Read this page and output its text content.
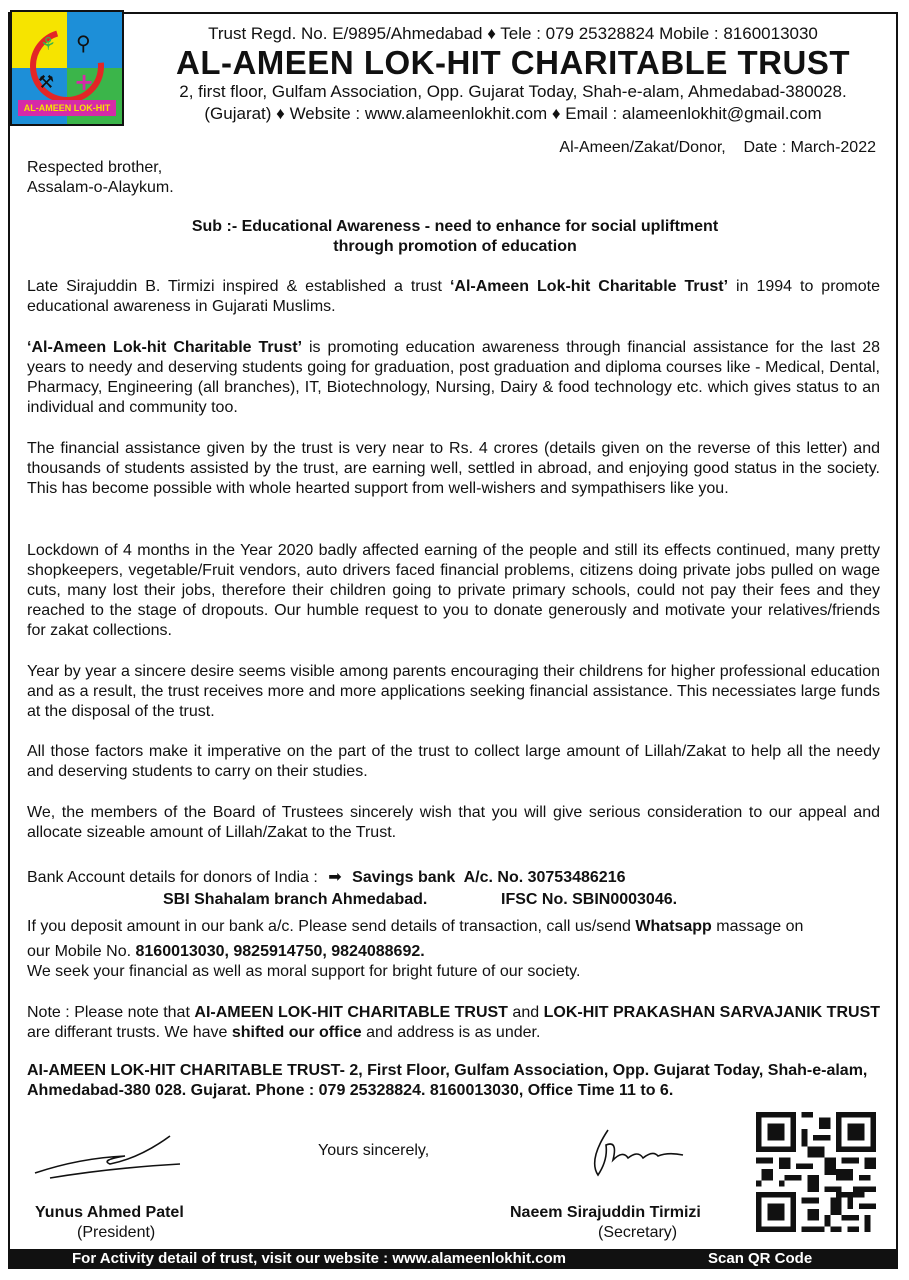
⚘ ⚲
⚒ +
AL-AMEEN LOK-HIT
Trust Regd. No. E/9895/Ahmedabad ♦ Tele : 079 25328824 Mobile : 8160013030
AL-AMEEN LOK-HIT CHARITABLE TRUST
2, first floor, Gulfam Association, Opp. Gujarat Today, Shah-e-alam, Ahmedabad-380028.
(Gujarat) ♦ Website : www.alameenlokhit.com ♦ Email : alameenlokhit@gmail.com
Al-Ameen/Zakat/Donor,    Date : March-2022
Respected brother,
Assalam-o-Alaykum.
Sub :- Educational Awareness - need to enhance for social upliftment
through promotion of education
Late Sirajuddin B. Tirmizi inspired & established a trust ‘Al-Ameen Lok-hit Charitable Trust’ in 1994 to promote educational awareness in Gujarati Muslims.
‘Al-Ameen Lok-hit Charitable Trust’ is promoting education awareness through financial assistance for the last 28 years to needy and deserving students going for graduation, post graduation and diploma courses like - Medical, Dental, Pharmacy, Engineering (all branches), IT, Biotechnology, Nursing, Dairy & food technology etc. which gives status to an individual and community too.
The financial assistance given by the trust is very near to Rs. 4 crores (details given on the reverse of this letter) and thousands of students assisted by the trust, are earning well, settled in abroad, and enjoying good status in the society. This has become possible with whole hearted support from well-wishers and sympathisers like you.
Lockdown of 4 months in the Year 2020 badly affected earning of the people and still its effects continued, many pretty shopkeepers, vegetable/Fruit vendors, auto drivers faced financial problems, citizens doing private jobs pulled on wage cuts, many lost their jobs, therefore their children going to private primary schools, could not pay their fees and they reached to the stage of dropouts. Our humble request to you to donate generously and motivate your relatives/friends for zakat collections.
Year by year a sincere desire seems visible among parents encouraging their childrens for higher professional education and as a result, the trust receives more and more applications seeking financial assistance. This necessiates large funds at the disposal of the trust.
All those factors make it imperative on the part of the trust to collect large amount of Lillah/Zakat to help all the needy and deserving students to carry on their studies.
We, the members of the Board of Trustees sincerely wish that you will give serious consideration to our appeal and allocate sizeable amount of Lillah/Zakat to the Trust.
Bank Account details for donors of India : ➡ Savings bank  A/c. No. 30753486216
SBI Shahalam branch Ahmedabad.	IFSC No. SBIN0003046.
If you deposit amount in our bank a/c. Please send details of transaction, call us/send Whatsapp massage on
our Mobile No. 8160013030, 9825914750, 9824088692.
We seek your financial as well as moral support for bright future of our society.
Note : Please note that AI-AMEEN LOK-HIT CHARITABLE TRUST and LOK-HIT PRAKASHAN SARVAJANIK TRUST are differant trusts. We have shifted our office and address is as under.
AI-AMEEN LOK-HIT CHARITABLE TRUST- 2, First Floor, Gulfam Association, Opp. Gujarat Today, Shah-e-alam, Ahmedabad-380 028. Gujarat. Phone : 079 25328824. 8160013030, Office Time 11 to 6.
Yours sincerely,
Yunus Ahmed Patel
(President)
Naeem Sirajuddin Tirmizi
(Secretary)
For Activity detail of trust, visit our website : www.alameenlokhit.com	Scan QR Code
